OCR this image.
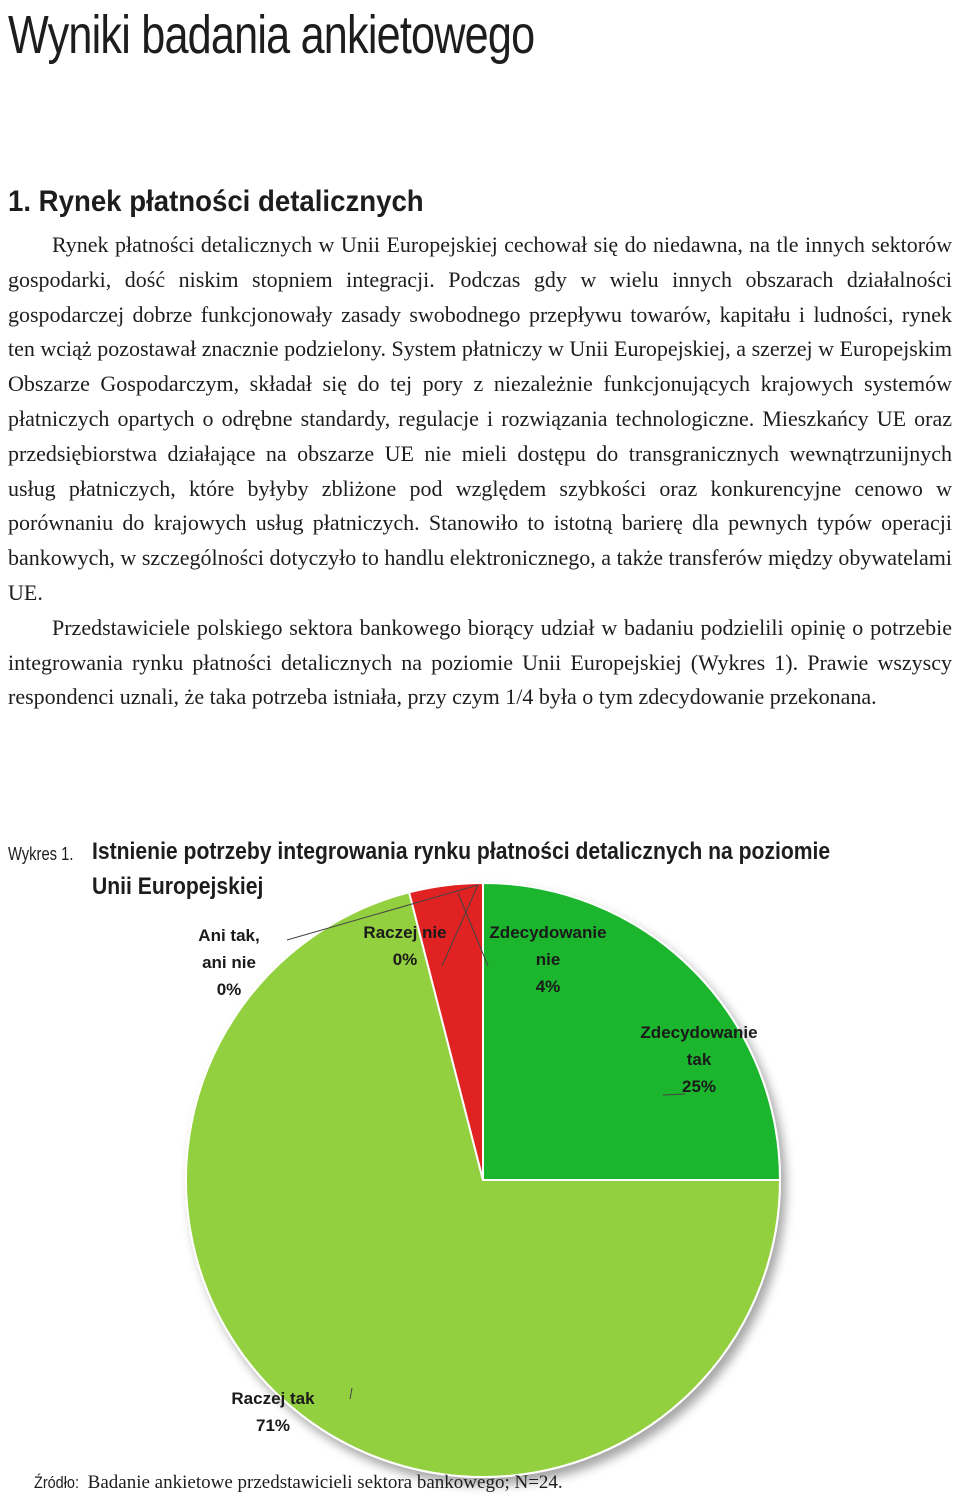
Wyniki badania ankietowego
1. Rynek płatności detalicznych

Rynek płatności detalicznych w Unii Europejskiej cechował się do niedawna, na tle innych sektorów gospodarki, dość niskim stopniem integracji. Podczas gdy w wielu innych obszarach działalności gospodarczej dobrze funkcjonowały zasady swobodnego przepływu towarów, kapitału i ludności, rynek ten wciąż pozostawał znacznie podzielony. System płatniczy w Unii Europejskiej, a szerzej w Europejskim Obszarze Gospodarczym, składał się do tej pory z niezależnie funkcjonujących krajowych systemów płatniczych opartych o odrębne standardy, regulacje i rozwiązania technologiczne. Mieszkańcy UE oraz przedsiębiorstwa działające na obszarze UE nie mieli dostępu do transgranicznych wewnątrzunijnych usług płatniczych, które byłyby zbliżone pod względem szybkości oraz konkurencyjne cenowo w porównaniu do krajowych usług płatniczych. Stanowiło to istotną barierę dla pewnych typów operacji bankowych, w szczególności dotyczyło to handlu elektronicznego, a także transferów między obywatelami UE.

Przedstawiciele polskiego sektora bankowego biorący udział w badaniu podzielili opinię o potrzebie integrowania rynku płatności detalicznych na poziomie Unii Europejskiej (Wykres 1). Prawie wszyscy respondenci uznali, że taka potrzeba istniała, przy czym 1/4 była o tym zdecydowanie przekonana.

Wykres 1. Istnienie potrzeby integrowania rynku płatności detalicznych na poziomie Unii Europejskiej
Zdecydowanie tak 25%
Raczej tak 71%
Ani tak, ani nie 0%
Raczej nie 0%
Zdecydowanie nie 4%
Źródło: Badanie ankietowe przedstawicieli sektora bankowego; N=24.
